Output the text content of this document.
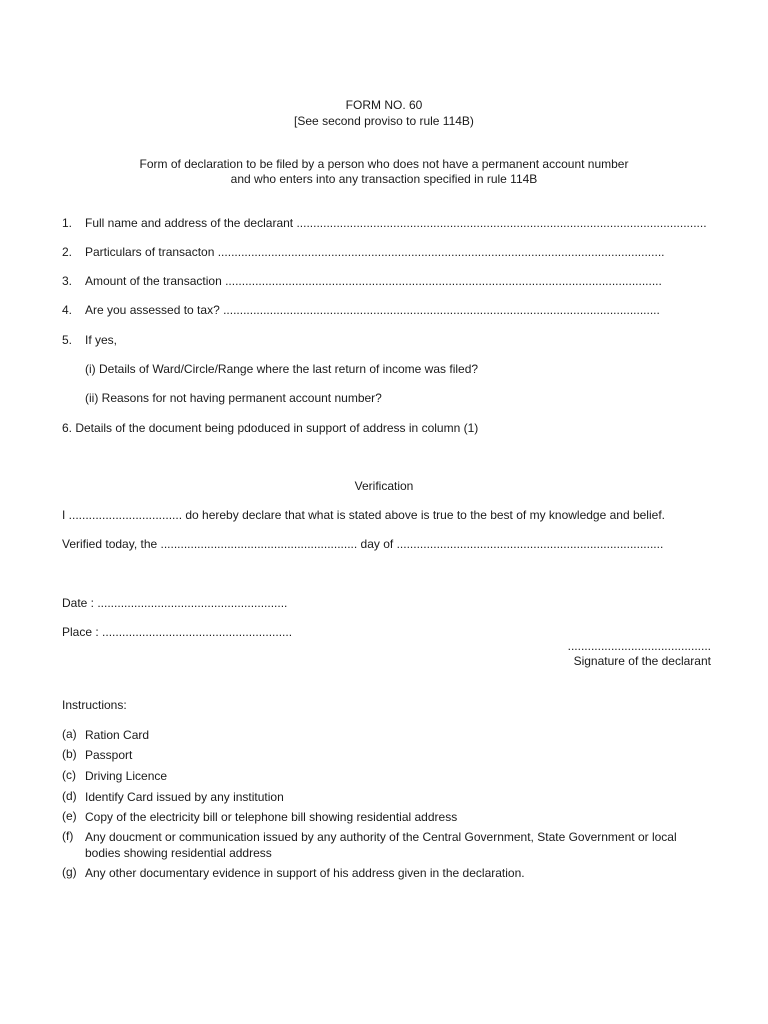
FORM NO. 60
[See second proviso to rule 114B)
Form of declaration to be filed by a person who does not have a permanent account number
and who enters into any transaction specified in rule 114B
1. Full name and address of the declarant ...........................................................................................................................
2. Particulars of transacton ......................................................................................................................................
3. Amount of the transaction ...................................................................................................................................
4. Are you assessed to tax? ...................................................................................................................................
5. If yes,
(i) Details of Ward/Circle/Range where the last return of income was filed?
(ii) Reasons for not having permanent account number?
6. Details of the document being pdoduced in support of address in column (1)
Verification
I .................................. do hereby declare that what is stated above is true to the best of my knowledge and belief.
Verified today, the ........................................................... day of ................................................................................
Date : .........................................................
Place : .........................................................
...........................................
Signature of the declarant
Instructions:
(a) Ration Card
(b) Passport
(c) Driving Licence
(d) Identify Card issued by any institution
(e) Copy of the electricity bill or telephone bill showing residential address
(f) Any doucment or communication issued by any authority of the Central Government, State Government or local bodies showing residential address
(g) Any other documentary evidence in support of his address given in the declaration.
